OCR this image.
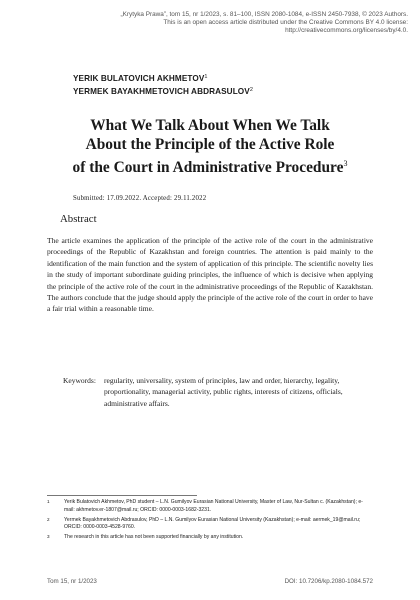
„Krytyka Prawa”, tom 15, nr 1/2023, s. 81–100, ISSN 2080-1084, e-ISSN 2450-7938, © 2023 Authors.
This is an open access article distributed under the Creative Commons BY 4.0 license:
http://creativecommons.org/licenses/by/4.0.
YERIK BULATOVICH AKHMETOV$^1$
YERMEK BAYAKHMETOVICH ABDRASULOV$^2$
What We Talk About When We Talk
About the Principle of the Active Role
of the Court in Administrative Procedure$^3$
Submitted: 17.09.2022. Accepted: 29.11.2022
Abstract
The article examines the application of the principle of the active role of the court in the administrative proceedings of the Republic of Kazakhstan and foreign countries. The attention is paid mainly to the identification of the main function and the system of application of this principle. The scientific novelty lies in the study of important subordinate guiding principles, the influence of which is decisive when applying the principle of the active role of the court in the administrative proceedings of the Republic of Kazakhstan. The authors conclude that the judge should apply the principle of the active role of the court in order to have a fair trial within a reasonable time.
Keywords: regularity, universality, system of principles, law and order, hierarchy, legality, proportionality, managerial activity, public rights, interests of citizens, officials, administrative affairs.
1	Yerik Bulatovich Akhmetov, PhD student – L.N. Gumilyov Eurasian National University, Master of Law, Nur-Sultan c. (Kazakhstan); e-mail: akhmetov.er-1807@mail.ru; ORCID: 0000-0003-1682-3231.
2	Yermek Bayakhmetovich Abdrasulov, PhD – L.N. Gumilyov Eurasian National University (Kazakhstan); e-mail: aermek_19@mail.ru; ORCID: 0000-0003-4528-9760.
3	The research in this article has not been supported financially by any institution.
Tom 15, nr 1/2023	DOI: 10.7206/kp.2080-1084.572
